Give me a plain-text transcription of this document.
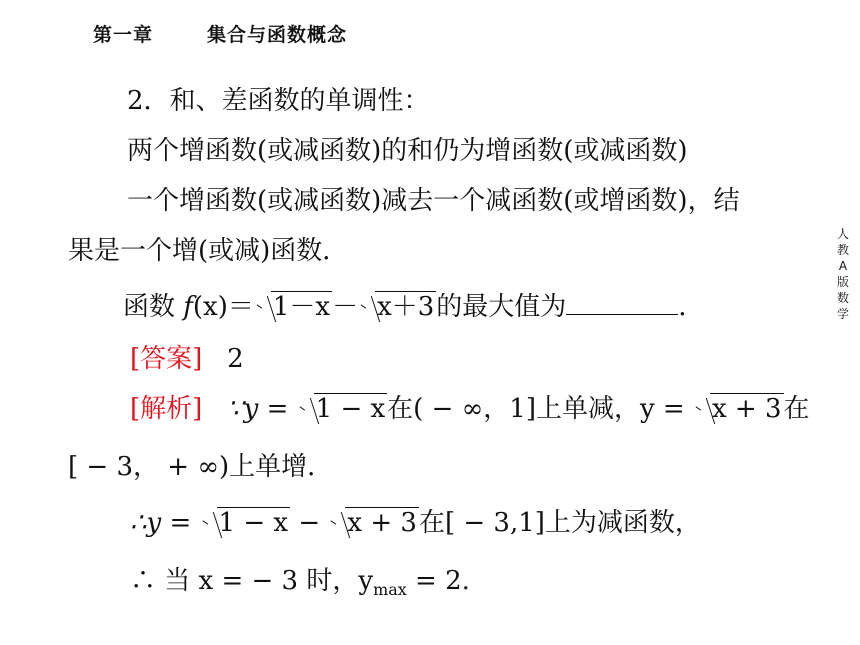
第一章	集合与函数概念
人
教
A
版
数
学
2．和、差函数的单调性：
两个增函数(或减函数)的和仍为增函数(或减函数)
一个增函数(或减函数)减去一个减函数(或增函数)，结
果是一个增(或减)函数．
函数 f(x)＝ 1－x－ x＋3的最大值为	．
[答案] 2
[解析] ∵y =
1 − x在( − ∞，1]上单减，y =
x + 3在
[ − 3， + ∞)上单增．
∴y =
1 − x −
x + 3在[ − 3,1]上为减函数，
∴ 当 x = − 3 时，$y_{max} = 2$.
